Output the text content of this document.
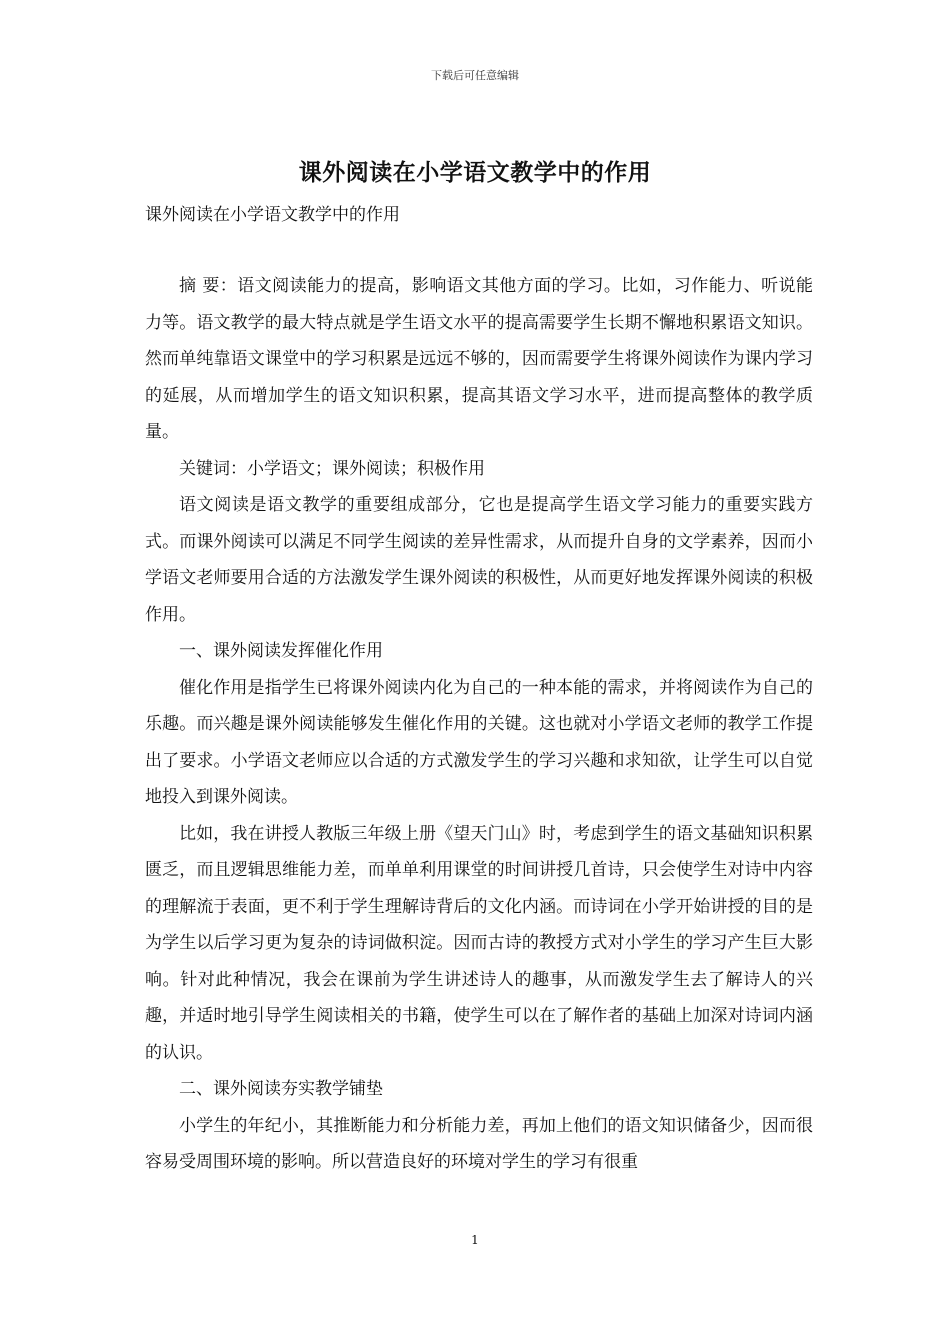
下载后可任意编辑
课外阅读在小学语文教学中的作用
课外阅读在小学语文教学中的作用

摘 要：语文阅读能力的提高，影响语文其他方面的学习。比如，习作能力、听说能力等。语文教学的最大特点就是学生语文水平的提高需要学生长期不懈地积累语文知识。然而单纯靠语文课堂中的学习积累是远远不够的，因而需要学生将课外阅读作为课内学习的延展，从而增加学生的语文知识积累，提高其语文学习水平，进而提高整体的教学质量。

关键词：小学语文；课外阅读；积极作用

语文阅读是语文教学的重要组成部分，它也是提高学生语文学习能力的重要实践方式。而课外阅读可以满足不同学生阅读的差异性需求，从而提升自身的文学素养，因而小学语文老师要用合适的方法激发学生课外阅读的积极性，从而更好地发挥课外阅读的积极作用。

一、课外阅读发挥催化作用

催化作用是指学生已将课外阅读内化为自己的一种本能的需求，并将阅读作为自己的乐趣。而兴趣是课外阅读能够发生催化作用的关键。这也就对小学语文老师的教学工作提出了要求。小学语文老师应以合适的方式激发学生的学习兴趣和求知欲，让学生可以自觉地投入到课外阅读。

比如，我在讲授人教版三年级上册《望天门山》时，考虑到学生的语文基础知识积累匮乏，而且逻辑思维能力差，而单单利用课堂的时间讲授几首诗，只会使学生对诗中内容的理解流于表面，更不利于学生理解诗背后的文化内涵。而诗词在小学开始讲授的目的是为学生以后学习更为复杂的诗词做积淀。因而古诗的教授方式对小学生的学习产生巨大影响。针对此种情况，我会在课前为学生讲述诗人的趣事，从而激发学生去了解诗人的兴趣，并适时地引导学生阅读相关的书籍，使学生可以在了解作者的基础上加深对诗词内涵的认识。

二、课外阅读夯实教学铺垫

小学生的年纪小，其推断能力和分析能力差，再加上他们的语文知识储备少，因而很容易受周围环境的影响。所以营造良好的环境对学生的学习有很重

1
